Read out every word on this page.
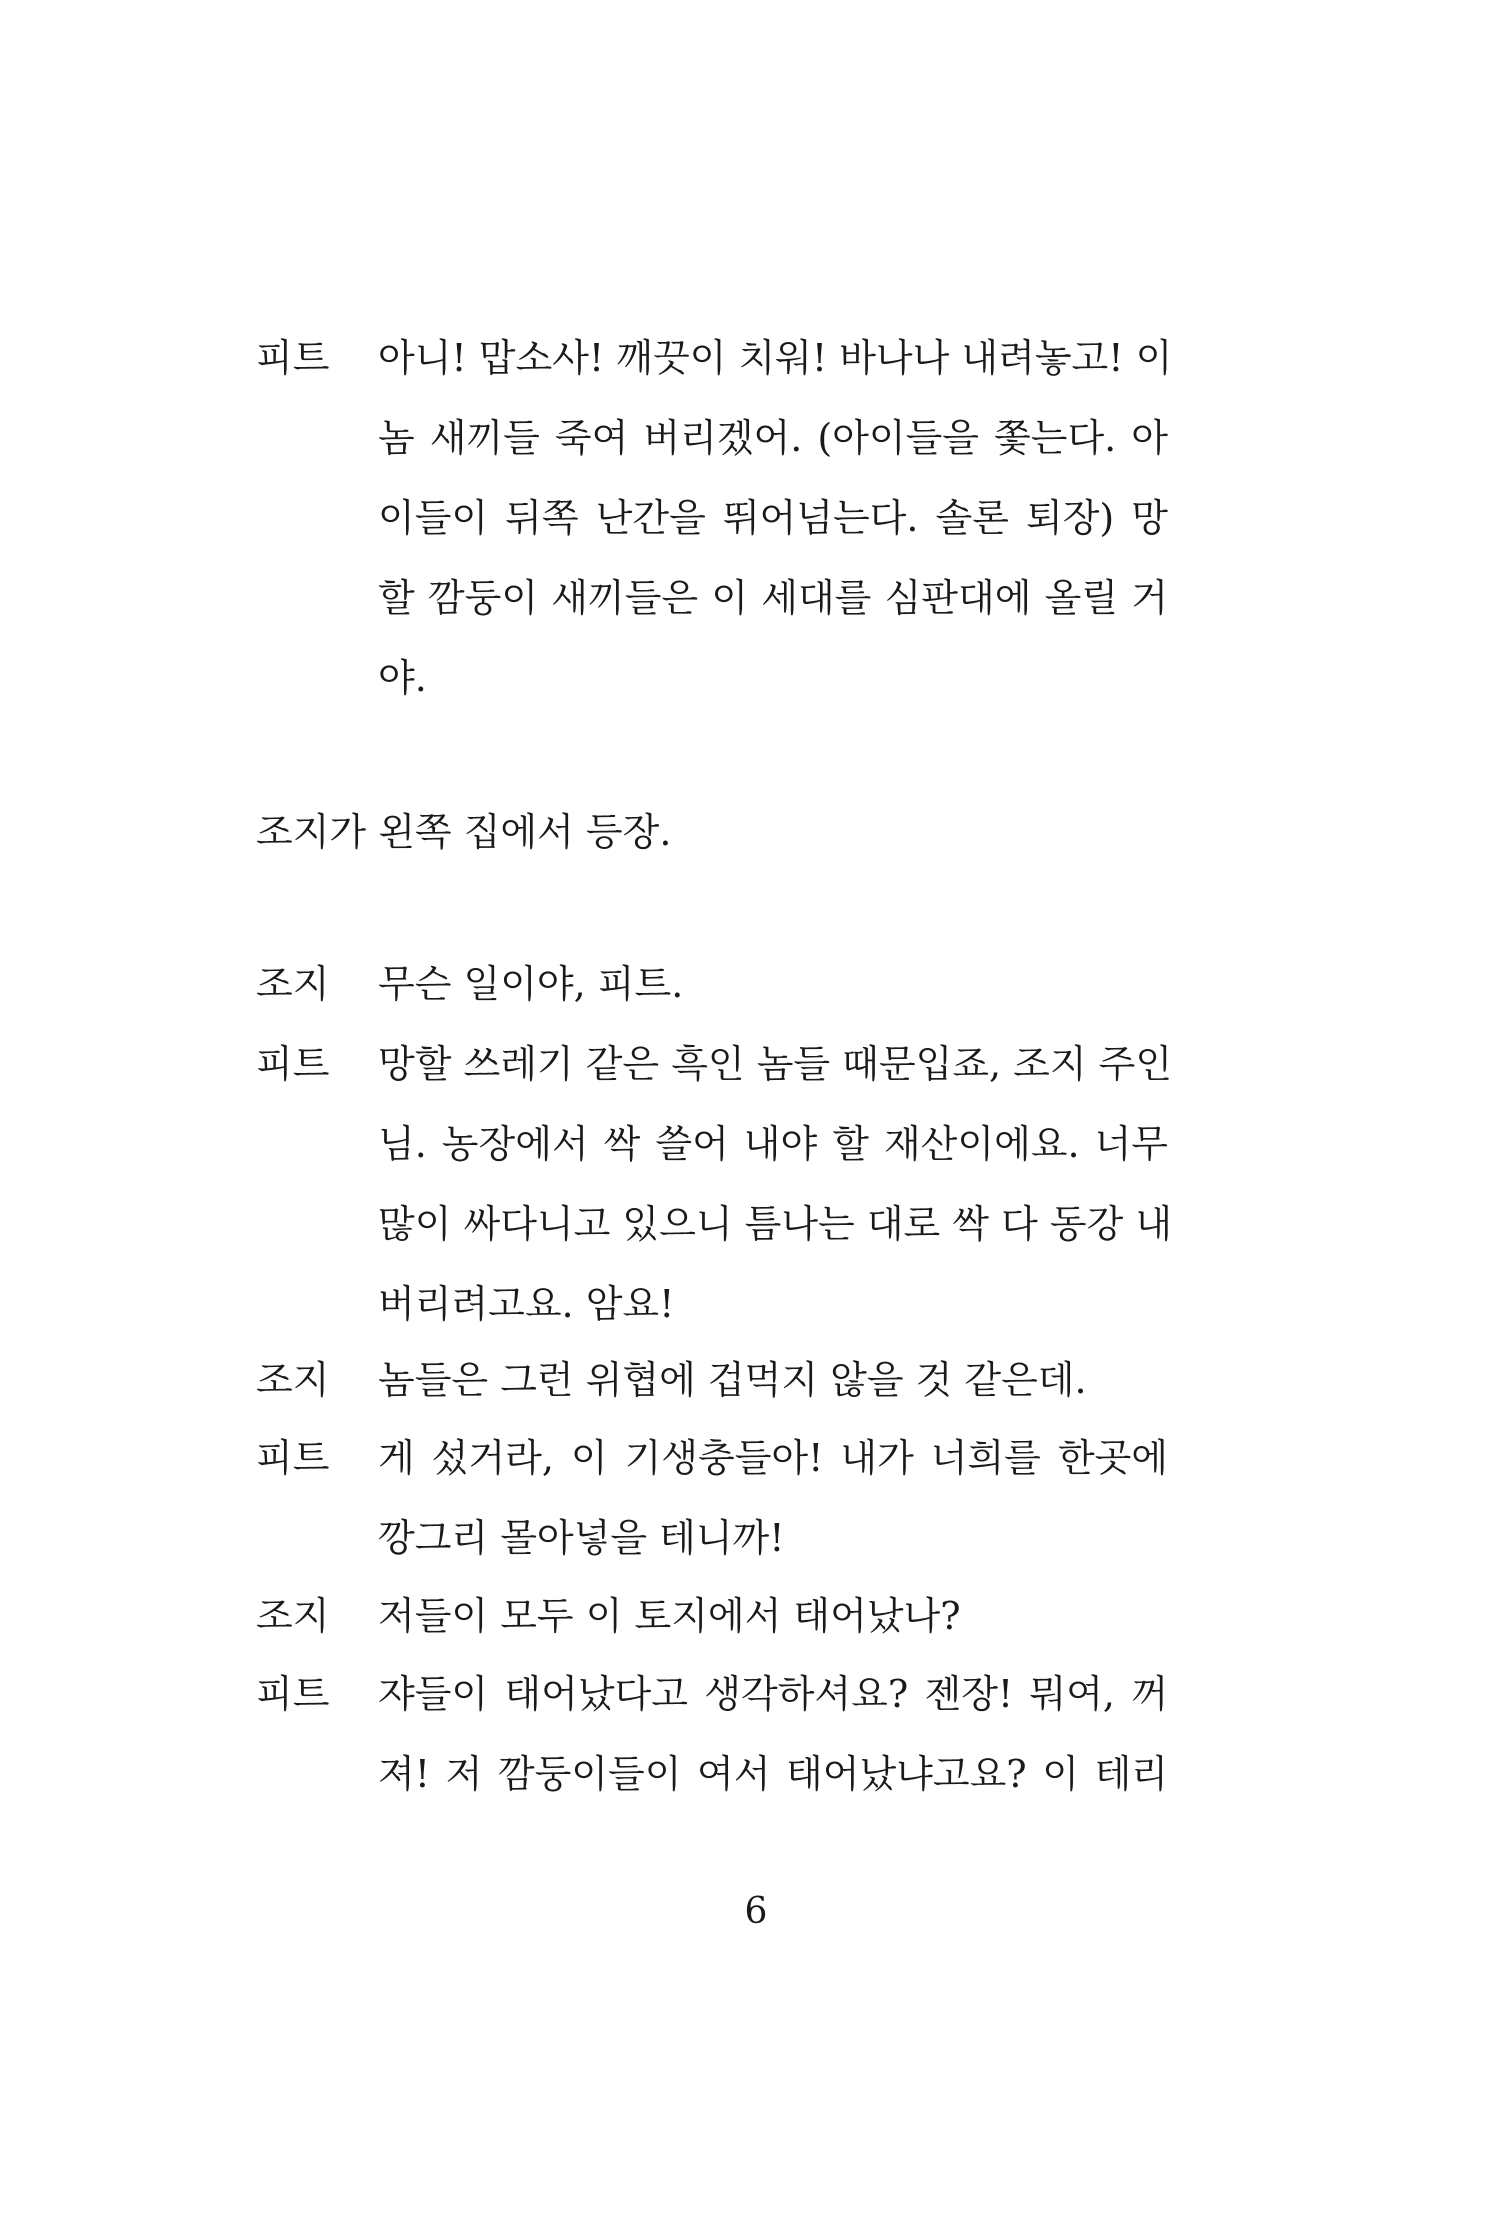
피트	아니! 맙소사! 깨끗이 치워! 바나나 내려놓고! 이
놈 새끼들 죽여 버리겠어. (아이들을 쫓는다. 아
이들이 뒤쪽 난간을 뛰어넘는다. 솔론 퇴장) 망
할 깜둥이 새끼들은 이 세대를 심판대에 올릴 거
야.
조지가 왼쪽 집에서 등장.
조지	무슨 일이야, 피트.
피트	망할 쓰레기 같은 흑인 놈들 때문입죠, 조지 주인
님. 농장에서 싹 쓸어 내야 할 재산이에요. 너무
많이 싸다니고 있으니 틈나는 대로 싹 다 동강 내
버리려고요. 암요!
조지	놈들은 그런 위협에 겁먹지 않을 것 같은데.
피트	게 섰거라, 이 기생충들아! 내가 너희를 한곳에
깡그리 몰아넣을 테니까!
조지	저들이 모두 이 토지에서 태어났나?
피트	쟈들이 태어났다고 생각하셔요? 젠장! 뭐여, 꺼
져! 저 깜둥이들이 여서 태어났냐고요? 이 테리
6
